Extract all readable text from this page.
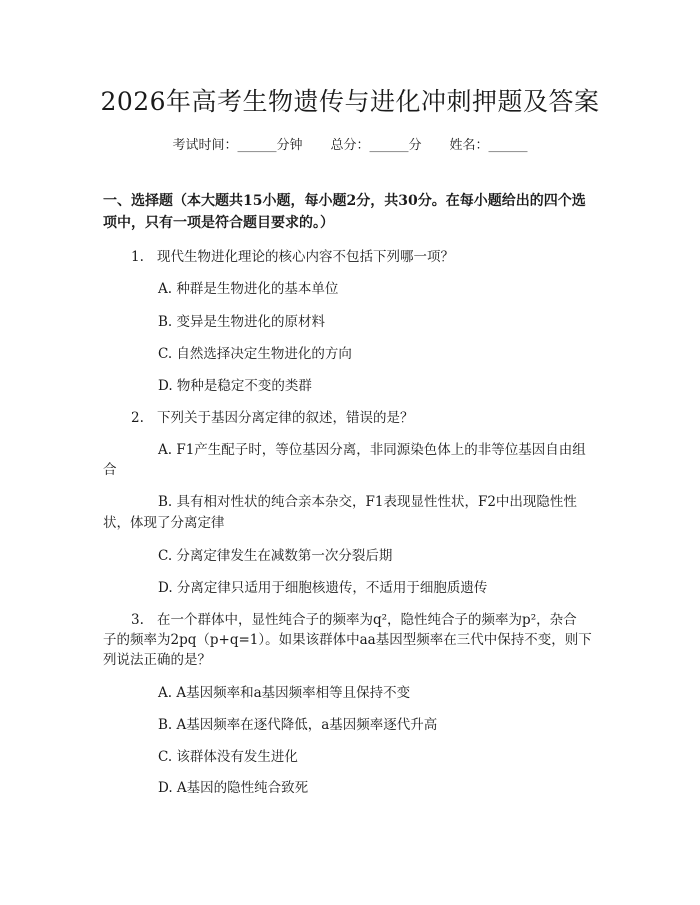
2026年高考生物遗传与进化冲刺押题及答案
考试时间：______分钟 总分：______分 姓名：______
一、选择题（本大题共15小题，每小题2分，共30分。在每小题给出的四个选
项中，只有一项是符合题目要求的。）
1. 现代生物进化理论的核心内容不包括下列哪一项？
A. 种群是生物进化的基本单位
B. 变异是生物进化的原材料
C. 自然选择决定生物进化的方向
D. 物种是稳定不变的类群
2. 下列关于基因分离定律的叙述，错误的是？
A. F1产生配子时，等位基因分离，非同源染色体上的非等位基因自由组
合
B. 具有相对性状的纯合亲本杂交，F1表现显性性状，F2中出现隐性性
状，体现了分离定律
C. 分离定律发生在减数第一次分裂后期
D. 分离定律只适用于细胞核遗传，不适用于细胞质遗传
3. 在一个群体中，显性纯合子的频率为q²，隐性纯合子的频率为p²，杂合
子的频率为2pq（p+q=1）。如果该群体中aa基因型频率在三代中保持不变，则下
列说法正确的是？
A. A基因频率和a基因频率相等且保持不变
B. A基因频率在逐代降低，a基因频率逐代升高
C. 该群体没有发生进化
D. A基因的隐性纯合致死
